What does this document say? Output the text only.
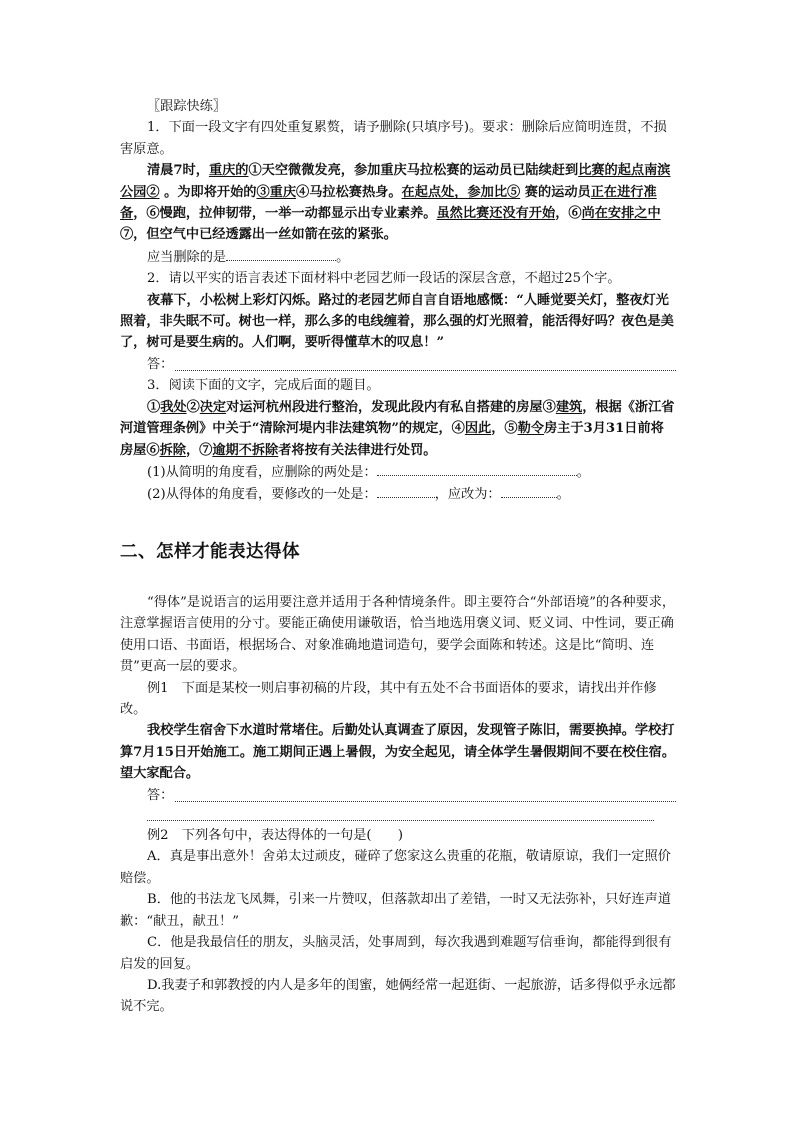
〖跟踪快练〗

1．下面一段文字有四处重复累赘，请予删除(只填序号)。要求：删除后应简明连贯，不损害原意。

清晨7时，重庆的①天空微微发亮，参加重庆马拉松赛的运动员已陆续赶到比赛的起点南滨公园② 。为即将开始的③重庆④马拉松赛热身。在起点处，参加比⑤ 赛的运动员正在进行准备，⑥慢跑，拉伸韧带，一举一动都显示出专业素养。虽然比赛还没有开始，⑥尚在安排之中⑦，但空气中已经透露出一丝如箭在弦的紧张。

应当删除的是	。

2．请以平实的语言表述下面材料中老园艺师一段话的深层含意，不超过25个字。

夜幕下，小松树上彩灯闪烁。路过的老园艺师自言自语地感慨：“人睡觉要关灯，整夜灯光照着，非失眠不可。树也一样，那么多的电线缠着，那么强的灯光照着，能活得好吗？夜色是美了，树可是要生病的。人们啊，要听得懂草木的叹息！”

答：

3．阅读下面的文字，完成后面的题目。

①我处②决定对运河杭州段进行整治，发现此段内有私自搭建的房屋③建筑，根据《浙江省河道管理条例》中关于“清除河堤内非法建筑物”的规定，④因此，⑤勒令房主于3月31日前将房屋⑥拆除，⑦逾期不拆除者将按有关法律进行处罚。

(1)从简明的角度看，应删除的两处是：	。

(2)从得体的角度看，要修改的一处是：	，应改为：	。

二、怎样才能表达得体

“得体”是说语言的运用要注意并适用于各种情境条件。即主要符合“外部语境”的各种要求，注意掌握语言使用的分寸。要能正确使用谦敬语，恰当地选用褒义词、贬义词、中性词，要正确使用口语、书面语，根据场合、对象准确地遣词造句，要学会面陈和转述。这是比“简明、连贯”更高一层的要求。

例1　下面是某校一则启事初稿的片段，其中有五处不合书面语体的要求，请找出并作修改。

我校学生宿舍下水道时常堵住。后勤处认真调查了原因，发现管子陈旧，需要换掉。学校打算7月15日开始施工。施工期间正遇上暑假，为安全起见，请全体学生暑假期间不要在校住宿。望大家配合。

答：

例2　下列各句中，表达得体的一句是(　　)

A．真是事出意外！舍弟太过顽皮，碰碎了您家这么贵重的花瓶，敬请原谅，我们一定照价赔偿。

B．他的书法龙飞凤舞，引来一片赞叹，但落款却出了差错，一时又无法弥补，只好连声道歉：“献丑，献丑！”

C．他是我最信任的朋友，头脑灵活，处事周到，每次我遇到难题写信垂询，都能得到很有启发的回复。

D.我妻子和郭教授的内人是多年的闺蜜，她俩经常一起逛街、一起旅游，话多得似乎永远都说不完。
